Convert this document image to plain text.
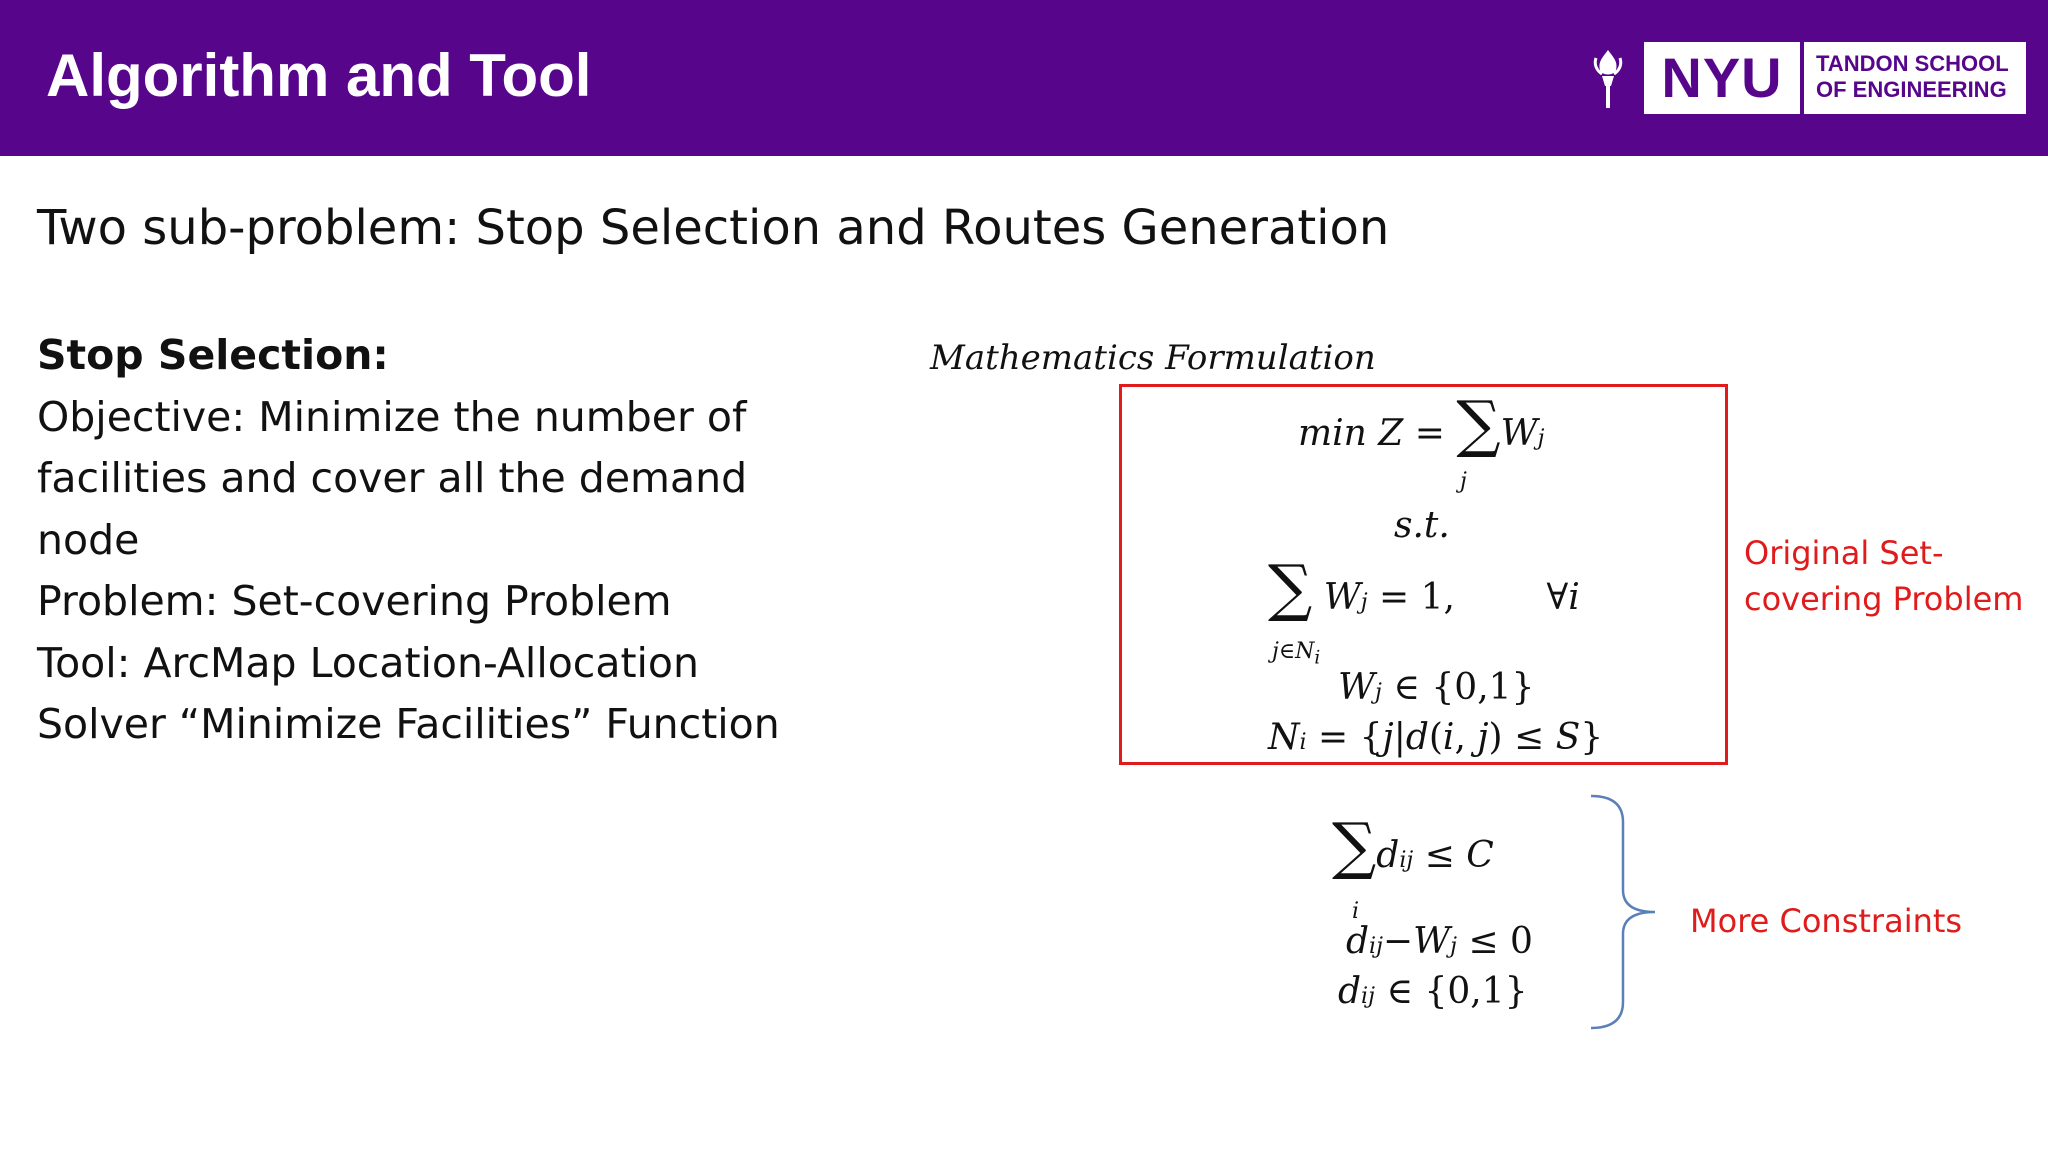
Algorithm and Tool	NYU	TANDON SCHOOL
OF ENGINEERING
Two sub-problem: Stop Selection and Routes Generation
Stop Selection:
Objective: Minimize the number of
facilities and cover all the demand
node
Problem: Set-covering Problem
Tool: ArcMap Location-Allocation
Solver “Minimize Facilities” Function
Mathematics Formulation
min Z = ∑Wj
j
s.t.
∑ Wj = 1,        ∀i
$j\in N_i$
Wj ∈ {0,1}
Ni = {j|d(i, j) ≤ S}
Original Set-
covering Problem
∑dij ≤ C
i
dij−Wj ≤ 0
dij ∈ {0,1}
More Constraints
